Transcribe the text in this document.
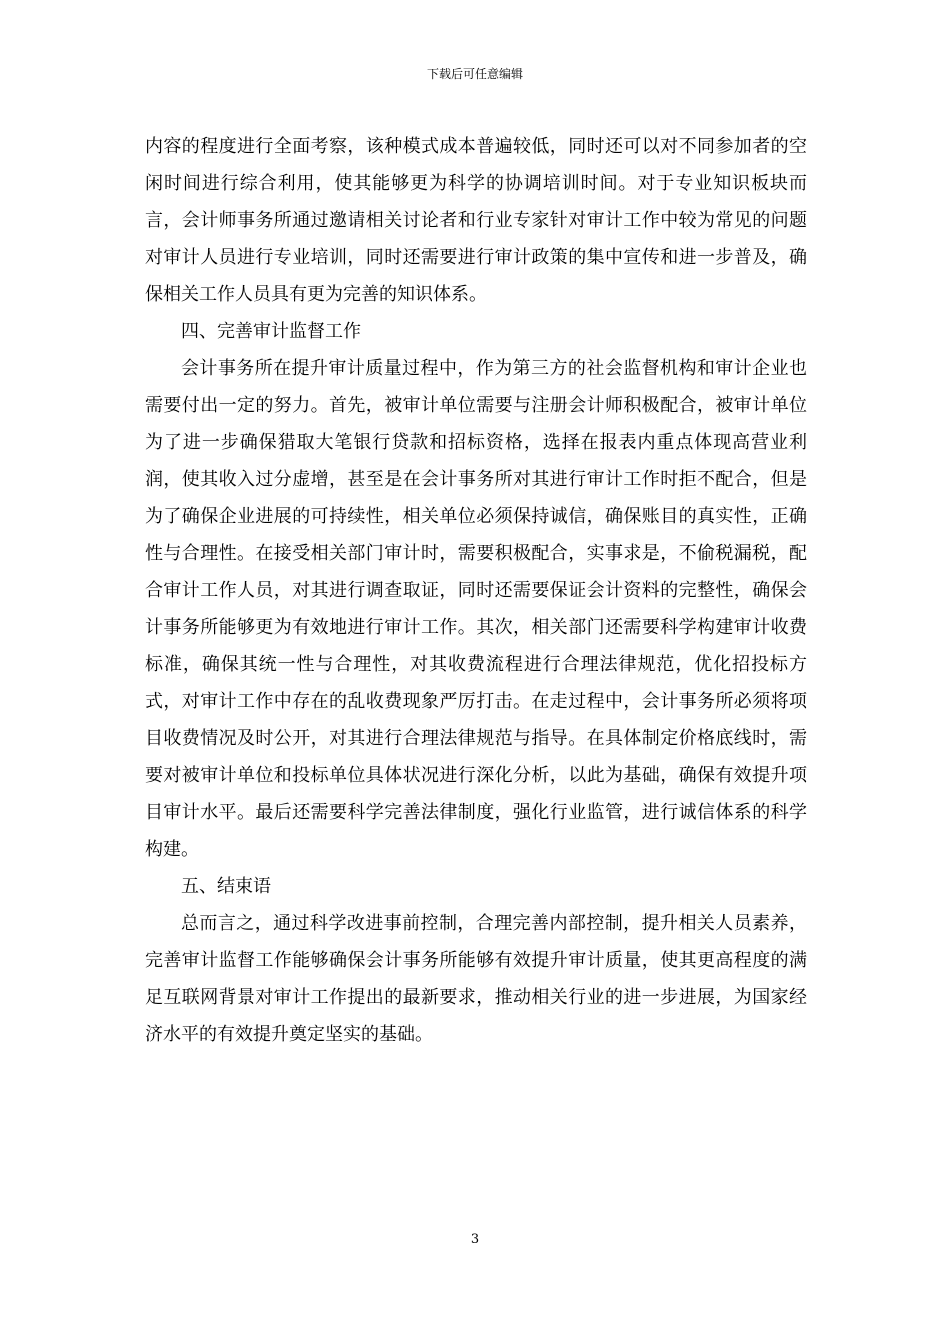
下载后可任意编辑

内容的程度进行全面考察，该种模式成本普遍较低，同时还可以对不同参加者的空闲时间进行综合利用，使其能够更为科学的协调培训时间。对于专业知识板块而言，会计师事务所通过邀请相关讨论者和行业专家针对审计工作中较为常见的问题对审计人员进行专业培训，同时还需要进行审计政策的集中宣传和进一步普及，确保相关工作人员具有更为完善的知识体系。

四、完善审计监督工作

会计事务所在提升审计质量过程中，作为第三方的社会监督机构和审计企业也需要付出一定的努力。首先，被审计单位需要与注册会计师积极配合，被审计单位为了进一步确保猎取大笔银行贷款和招标资格，选择在报表内重点体现高营业利润，使其收入过分虚增，甚至是在会计事务所对其进行审计工作时拒不配合，但是为了确保企业进展的可持续性，相关单位必须保持诚信，确保账目的真实性，正确性与合理性。在接受相关部门审计时，需要积极配合，实事求是，不偷税漏税，配合审计工作人员，对其进行调查取证，同时还需要保证会计资料的完整性，确保会计事务所能够更为有效地进行审计工作。其次，相关部门还需要科学构建审计收费标准，确保其统一性与合理性，对其收费流程进行合理法律规范，优化招投标方式，对审计工作中存在的乱收费现象严厉打击。在走过程中，会计事务所必须将项目收费情况及时公开，对其进行合理法律规范与指导。在具体制定价格底线时，需要对被审计单位和投标单位具体状况进行深化分析，以此为基础，确保有效提升项目审计水平。最后还需要科学完善法律制度，强化行业监管，进行诚信体系的科学构建。

五、结束语

总而言之，通过科学改进事前控制，合理完善内部控制，提升相关人员素养，完善审计监督工作能够确保会计事务所能够有效提升审计质量，使其更高程度的满足互联网背景对审计工作提出的最新要求，推动相关行业的进一步进展，为国家经济水平的有效提升奠定坚实的基础。

3
